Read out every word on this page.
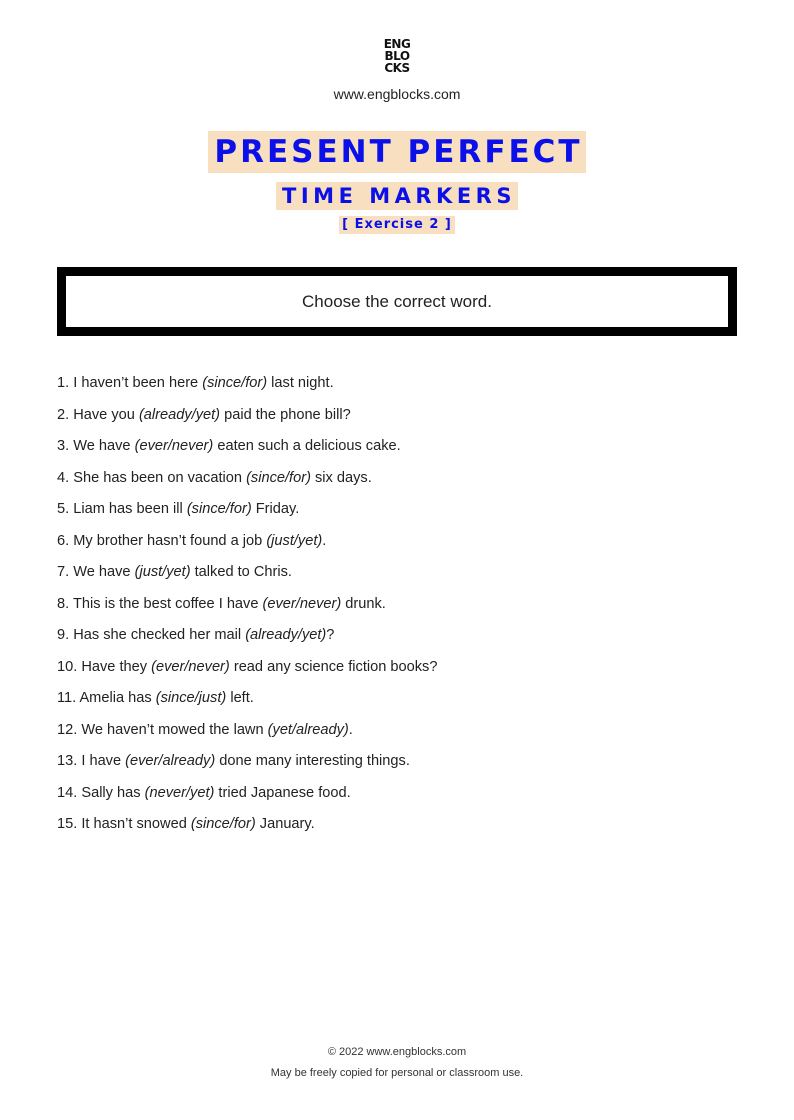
ENG
BLO
CKS
www.engblocks.com
PRESENT PERFECT
TIME MARKERS
[ Exercise 2 ]
Choose the correct word.
1. I haven’t been here (since/for) last night.
2. Have you (already/yet) paid the phone bill?
3. We have (ever/never) eaten such a delicious cake.
4. She has been on vacation (since/for) six days.
5. Liam has been ill (since/for) Friday.
6. My brother hasn’t found a job (just/yet).
7. We have (just/yet) talked to Chris.
8. This is the best coffee I have (ever/never) drunk.
9. Has she checked her mail (already/yet)?
10. Have they (ever/never) read any science fiction books?
11. Amelia has (since/just) left.
12. We haven’t mowed the lawn (yet/already).
13. I have (ever/already) done many interesting things.
14. Sally has (never/yet) tried Japanese food.
15. It hasn’t snowed (since/for) January.
© 2022 www.engblocks.com
May be freely copied for personal or classroom use.
